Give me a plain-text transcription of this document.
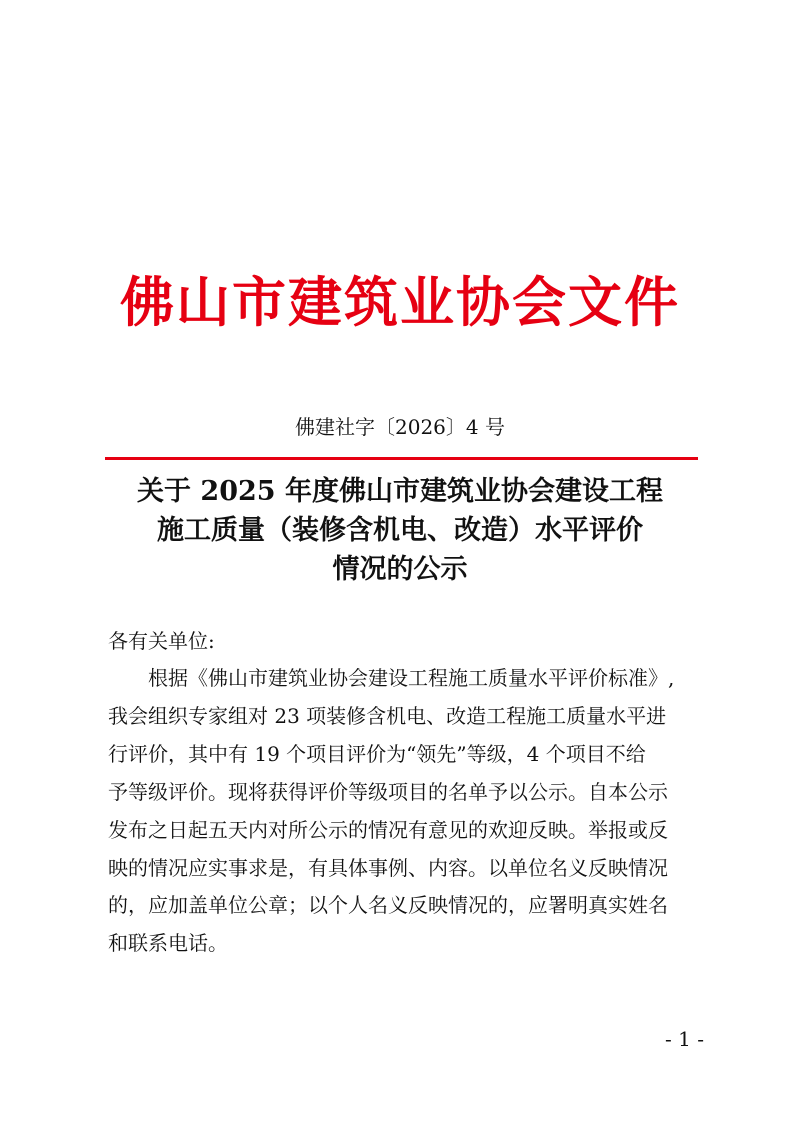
佛山市建筑业协会文件
佛建社字〔2026〕4 号
关于 2025 年度佛山市建筑业协会建设工程
施工质量（装修含机电、改造）水平评价
情况的公示
各有关单位:
根据《佛山市建筑业协会建设工程施工质量水平评价标准》,
我会组织专家组对 23 项装修含机电、改造工程施工质量水平进
行评价，其中有 19 个项目评价为“领先”等级，4 个项目不给
予等级评价。现将获得评价等级项目的名单予以公示。自本公示
发布之日起五天内对所公示的情况有意见的欢迎反映。举报或反
映的情况应实事求是，有具体事例、内容。以单位名义反映情况
的，应加盖单位公章；以个人名义反映情况的，应署明真实姓名
和联系电话。
- 1 -
